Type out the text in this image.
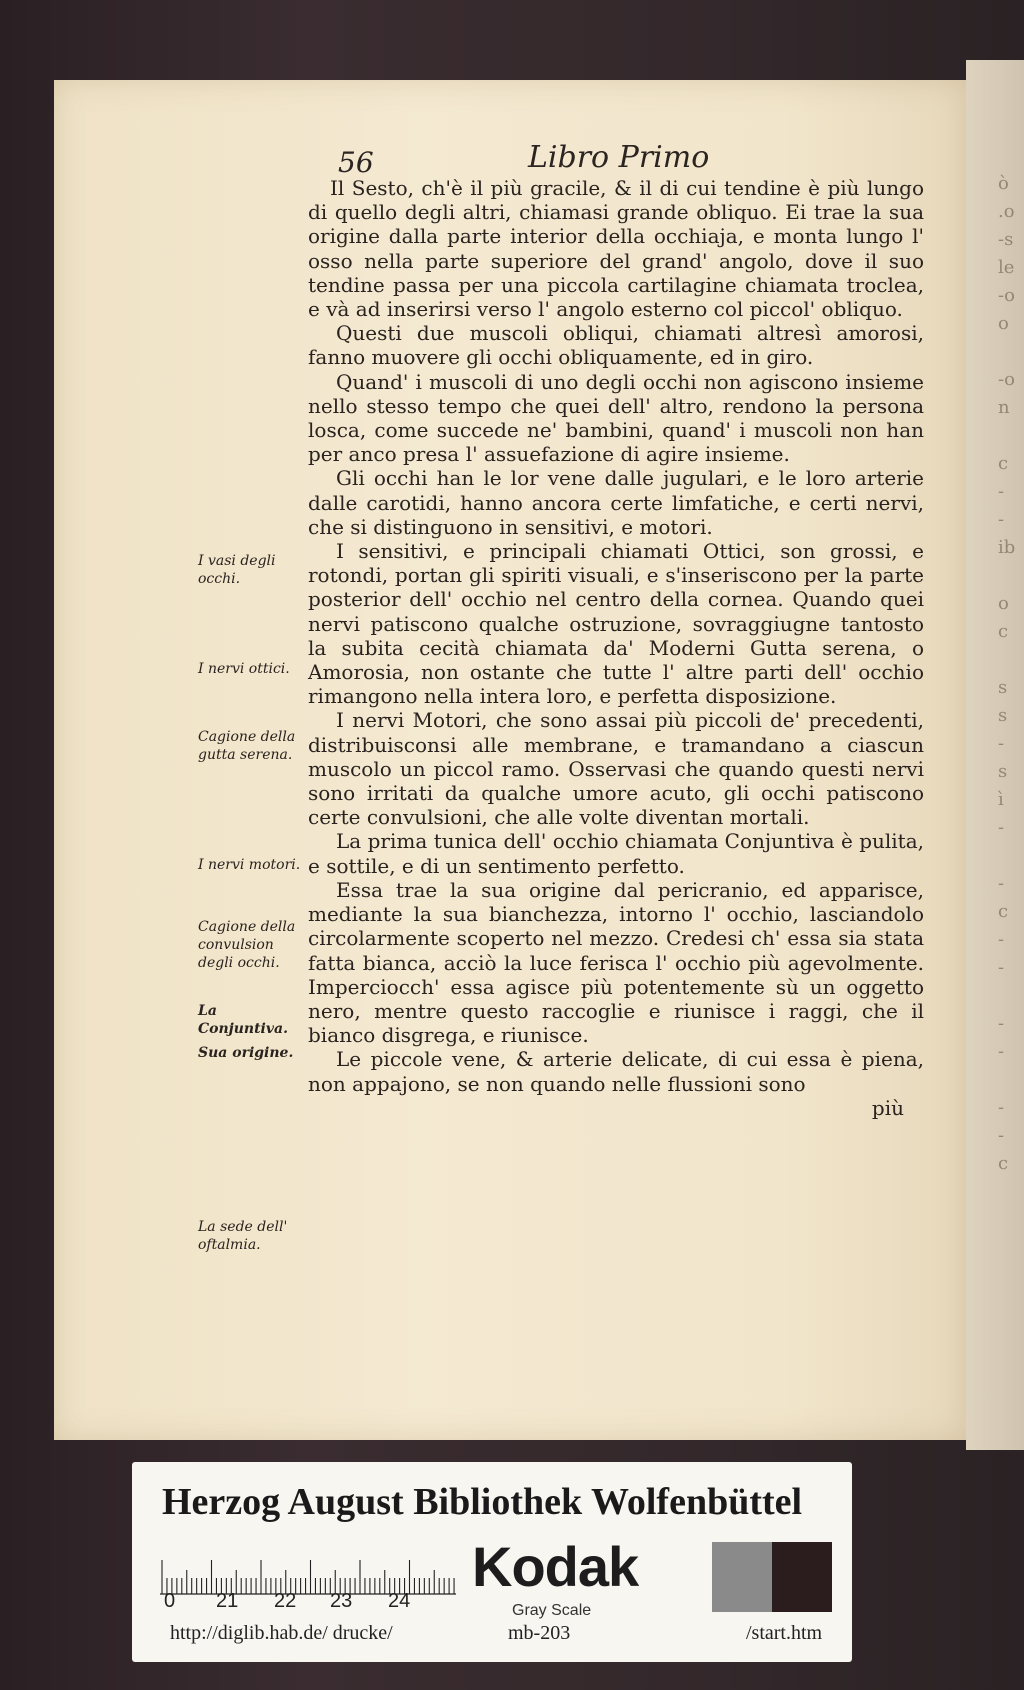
ò
.o
-s
le
-o
o

-o
n

c
-
-
ib

o
c

s
s
-
s
ì
-

-
c
-
-

-
-

-
-
c
56	Libro Primo

Il Sesto, ch'è il più gracile, & il di cui tendine è più lungo di quello degli altri, chiamasi grande obliquo. Ei trae la sua origine dalla parte interior della occhiaja, e monta lungo l' osso nella parte superiore del grand' angolo, dove il suo tendine passa per una piccola cartilagine chiamata troclea, e và ad inserirsi verso l' angolo esterno col piccol' obliquo.

Questi due muscoli obliqui, chiamati altresì amorosi, fanno muovere gli occhi obliquamente, ed in giro.

Quand' i muscoli di uno degli occhi non agiscono insieme nello stesso tempo che quei dell' altro, rendono la persona losca, come succede ne' bambini, quand' i muscoli non han per anco presa l' assuefazione di agire insieme.

Gli occhi han le lor vene dalle jugulari, e le loro arterie dalle carotidi, hanno ancora certe limfatiche, e certi nervi, che si distinguono in sensitivi, e motori.

I sensitivi, e principali chiamati Ottici, son grossi, e rotondi, portan gli spiriti visuali, e s'inseriscono per la parte posterior dell' occhio nel centro della cornea. Quando quei nervi patiscono qualche ostruzione, sovraggiugne tantosto la subita cecità chiamata da' Moderni Gutta serena, o Amorosia, non ostante che tutte l' altre parti dell' occhio rimangono nella intera loro, e perfetta disposizione.

I nervi Motori, che sono assai più piccoli de' precedenti, distribuisconsi alle membrane, e tramandano a ciascun muscolo un piccol ramo. Osservasi che quando questi nervi sono irritati da qualche umore acuto, gli occhi patiscono certe convulsioni, che alle volte diventan mortali.

La prima tunica dell' occhio chiamata Conjuntiva è pulita, e sottile, e di un sentimento perfetto.

Essa trae la sua origine dal pericranio, ed apparisce, mediante la sua bianchezza, intorno l' occhio, lasciandolo circolarmente scoperto nel mezzo. Credesi ch' essa sia stata fatta bianca, acciò la luce ferisca l' occhio più agevolmente. Imperciocch' essa agisce più potentemente sù un oggetto nero, mentre questo raccoglie e riunisce i raggi, che il bianco disgrega, e riunisce.

Le piccole vene, & arterie delicate, di cui essa è piena, non appajono, se non quando nelle flussioni sono

più

I vasi degli occhi.
I nervi ottici.
Cagione della gutta serena.
I nervi motori.
Cagione della convulsion degli occhi.
La Conjuntiva.
Sua origine.
La sede dell' oftalmia.
Herzog August Bibliothek Wolfenbüttel
0 21 22 23 24
Kodak
Gray Scale
http://diglib.hab.de/ drucke/	mb-203	/start.htm
